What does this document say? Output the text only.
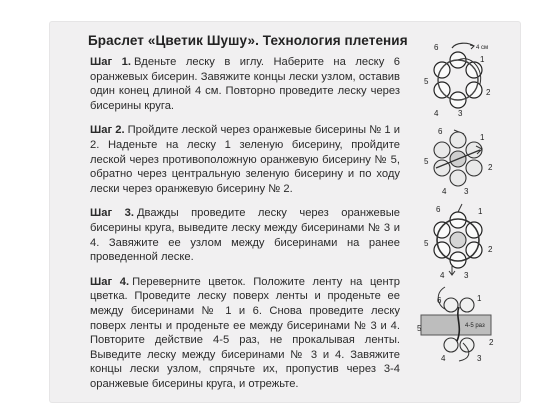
Браслет «Цветик Шушу». Технология плетения

Шаг 1. Вденьте леску в иглу. Наберите на леску 6 оранжевых бисерин. Завяжите концы лески узлом, оставив один конец длиной 4 см. Повторно проведите леску через бисерины круга.

Шаг 2. Пройдите леской через оранжевые бисерины № 1 и 2. Наденьте на леску 1 зеленую бисерину, пройдите леской через противоположную оранжевую бисерину № 5, обратно через центральную зеленую бисерину и по ходу лески через оранжевую бисерину № 2.

Шаг 3. Дважды проведите леску через оранжевые бисерины круга, выведите леску между бисеринами № 3 и 4. Завяжите ее узлом между бисеринами на ранее проведенной леске.

Шаг 4. Переверните цветок. Положите ленту на центр цветка. Проведите леску поверх ленты и проденьте ее между бисеринами № 1 и 6. Снова проведите леску поверх ленты и проденьте ее между бисеринами № 3 и 4. Повторите действие 4-5 раз, не прокалывая ленты. Выведите леску между бисеринами № 3 и 4. Завяжите концы лески узлом, спрячьте их, пропустив через 3-4 оранжевые бисерины круга, и отрежьте.

4 см
6
1
2
3
4
5
6
1
2
3
4
5
6	1
2
3
4
5
4-5 раз
6	1
5
2
4	3
